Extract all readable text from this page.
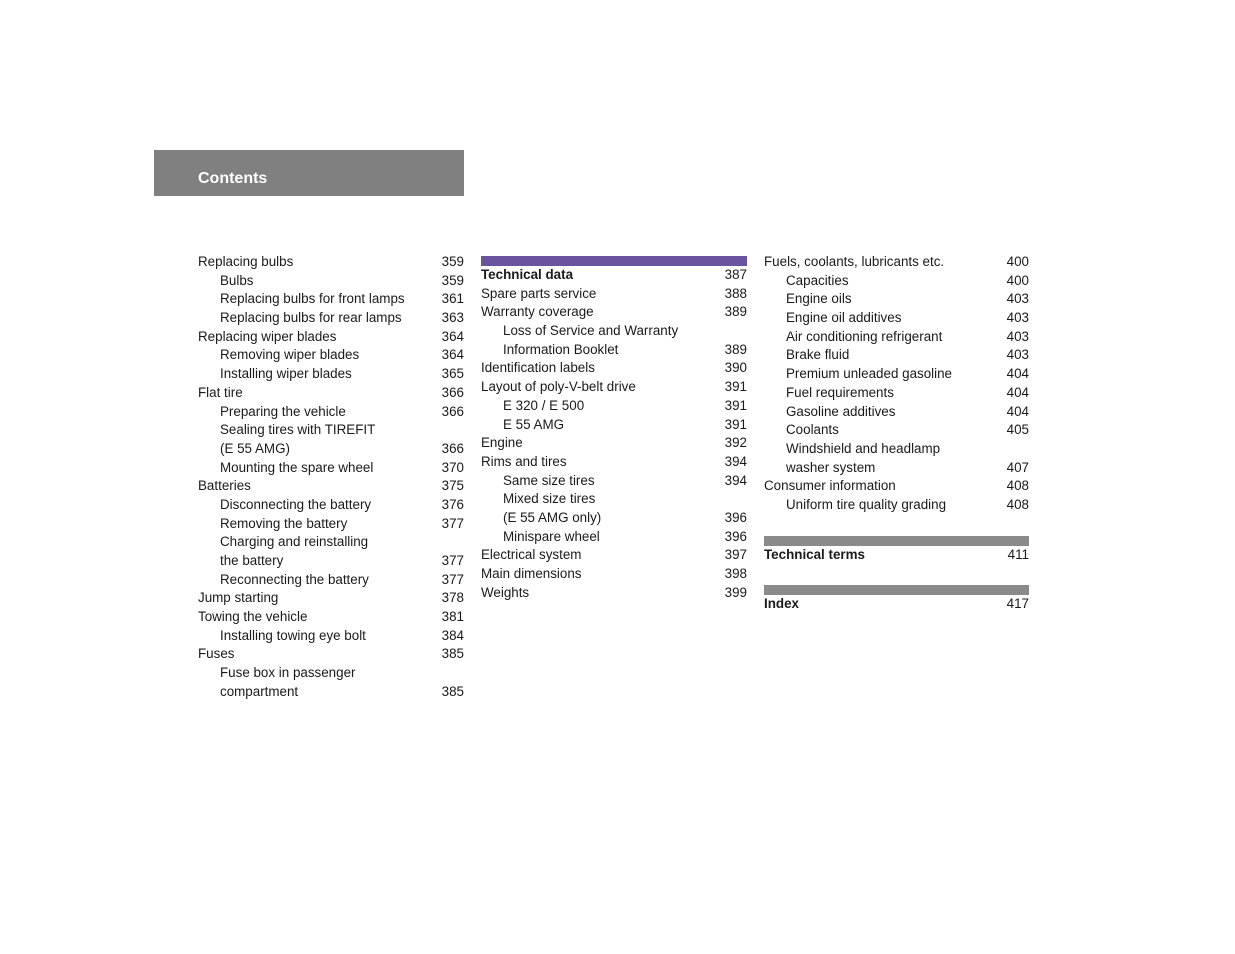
Contents
Replacing bulbs	359
Bulbs	359
Replacing bulbs for front lamps	361
Replacing bulbs for rear lamps	363
Replacing wiper blades	364
Removing wiper blades	364
Installing wiper blades	365
Flat tire	366
Preparing the vehicle	366
Sealing tires with TIREFIT
(E 55 AMG)	366
Mounting the spare wheel	370
Batteries	375
Disconnecting the battery	376
Removing the battery	377
Charging and reinstalling
the battery	377
Reconnecting the battery	377
Jump starting	378
Towing the vehicle	381
Installing towing eye bolt	384
Fuses	385
Fuse box in passenger
compartment	385
Technical data	387
Spare parts service	388
Warranty coverage	389
Loss of Service and Warranty
Information Booklet	389
Identification labels	390
Layout of poly-V-belt drive	391
E 320 / E 500	391
E 55 AMG	391
Engine	392
Rims and tires	394
Same size tires	394
Mixed size tires
(E 55 AMG only)	396
Minispare wheel	396
Electrical system	397
Main dimensions	398
Weights	399
Fuels, coolants, lubricants etc.	400
Capacities	400
Engine oils	403
Engine oil additives	403
Air conditioning refrigerant	403
Brake fluid	403
Premium unleaded gasoline	404
Fuel requirements	404
Gasoline additives	404
Coolants	405
Windshield and headlamp
washer system	407
Consumer information	408
Uniform tire quality grading	408
Technical terms	411
Index	417
